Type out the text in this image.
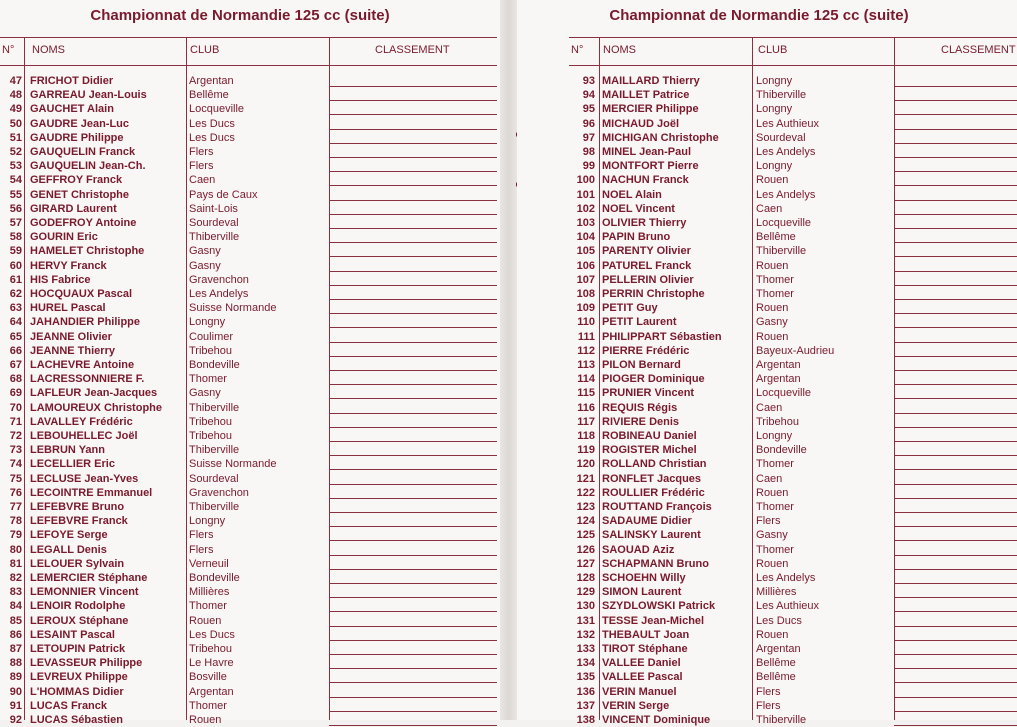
Championnat de Normandie 125 cc (suite)
N° NOMS	CLUB	CLASSEMENT
47 FRICHOT Didier	Argentan
48 GARREAU Jean-Louis	Bellême
49 GAUCHET Alain	Locqueville
50 GAUDRE Jean-Luc	Les Ducs
51 GAUDRE Philippe	Les Ducs
52 GAUQUELIN Franck	Flers
53 GAUQUELIN Jean-Ch.	Flers
54 GEFFROY Franck	Caen
55 GENET Christophe	Pays de Caux
56 GIRARD Laurent	Saint-Lois
57 GODEFROY Antoine	Sourdeval
58 GOURIN Eric	Thiberville
59 HAMELET Christophe	Gasny
60 HERVY Franck	Gasny
61 HIS Fabrice	Gravenchon
62 HOCQUAUX Pascal	Les Andelys
63 HUREL Pascal	Suisse Normande
64 JAHANDIER Philippe	Longny
65 JEANNE Olivier	Coulimer
66 JEANNE Thierry	Tribehou
67 LACHEVRE Antoine	Bondeville
68 LACRESSONNIERE F.	Thomer
69 LAFLEUR Jean-Jacques	Gasny
70 LAMOUREUX Christophe Thiberville
71 LAVALLEY Frédéric	Tribehou
72 LEBOUHELLEC Joël	Tribehou
73 LEBRUN Yann	Thiberville
74 LECELLIER Eric	Suisse Normande
75 LECLUSE Jean-Yves	Sourdeval
76 LECOINTRE Emmanuel	Gravenchon
77 LEFEBVRE Bruno	Thiberville
78 LEFEBVRE Franck	Longny
79 LEFOYE Serge	Flers
80 LEGALL Denis	Flers
81 LELOUER Sylvain	Verneuil
82 LEMERCIER Stéphane	Bondeville
83 LEMONNIER Vincent	Millières
84 LENOIR Rodolphe	Thomer
85 LEROUX Stéphane	Rouen
86 LESAINT Pascal	Les Ducs
87 LETOUPIN Patrick	Tribehou
88 LEVASSEUR Philippe	Le Havre
89 LEVREUX Philippe	Bosville
90 L'HOMMAS Didier	Argentan
91 LUCAS Franck	Thomer
92 LUCAS Sébastien	Rouen
Championnat de Normandie 125 cc (suite)
N° NOMS	CLUB	CLASSEMENT
93 MAILLARD Thierry	Longny
94 MAILLET Patrice	Thiberville
95 MERCIER Philippe	Longny
96 MICHAUD Joël	Les Authieux
97 MICHIGAN Christophe	Sourdeval
98 MINEL Jean-Paul	Les Andelys
99 MONTFORT Pierre	Longny
100 NACHUN Franck	Rouen
101 NOEL Alain	Les Andelys
102 NOEL Vincent	Caen
103 OLIVIER Thierry	Locqueville
104 PAPIN Bruno	Bellême
105 PARENTY Olivier	Thiberville
106 PATUREL Franck	Rouen
107 PELLERIN Olivier	Thomer
108 PERRIN Christophe	Thomer
109 PETIT Guy	Rouen
110 PETIT Laurent	Gasny
111 PHILIPPART Sébastien	Rouen
112 PIERRE Frédéric	Bayeux-Audrieu
113 PILON Bernard	Argentan
114 PIOGER Dominique	Argentan
115 PRUNIER Vincent	Locqueville
116 REQUIS Régis	Caen
117 RIVIERE Denis	Tribehou
118 ROBINEAU Daniel	Longny
119 ROGISTER Michel	Bondeville
120 ROLLAND Christian	Thomer
121 RONFLET Jacques	Caen
122 ROULLIER Frédéric	Rouen
123 ROUTTAND François	Thomer
124 SADAUME Didier	Flers
125 SALINSKY Laurent	Gasny
126 SAOUAD Aziz	Thomer
127 SCHAPMANN Bruno	Rouen
128 SCHOEHN Willy	Les Andelys
129 SIMON Laurent	Millières
130 SZYDLOWSKI Patrick	Les Authieux
131 TESSE Jean-Michel	Les Ducs
132 THEBAULT Joan	Rouen
133 TIROT Stéphane	Argentan
134 VALLEE Daniel	Bellême
135 VALLEE Pascal	Bellême
136 VERIN Manuel	Flers
137 VERIN Serge	Flers
138 VINCENT Dominique	Thiberville
